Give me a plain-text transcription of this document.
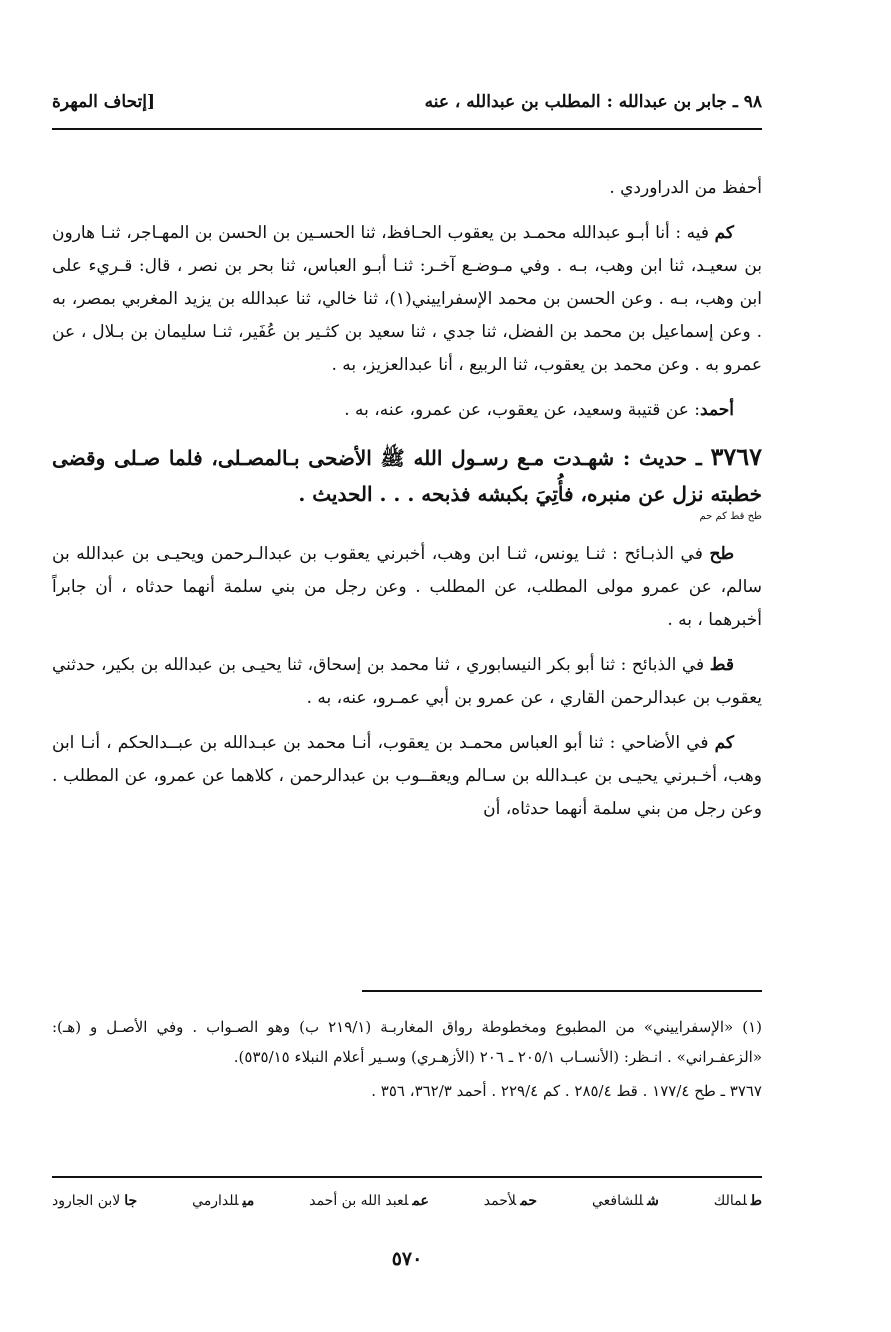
٩٨ ـ جابر بن عبدالله : المطلب بن عبدالله ، عنه
[إتحاف المهرة

أحفظ من الدراوردي .

كم فيه : أنا أبـو عبدالله محمـد بن يعقوب الحـافظ، ثنا الحسـين بن الحسن بن المهـاجر، ثنـا هارون بن سعيـد، ثنا ابن وهب، بـه . وفي مـوضـع آخـر: ثنـا أبـو العباس، ثنا بحر بن نصر ، قال: قـريء على ابن وهب، بـه . وعن الحسن بن محمد الإسفراييني(١)، ثنا خالي، ثنا عبدالله بن يزيد المغربي بمصر، به . وعن إسماعيل بن محمد بن الفضل، ثنا جدي ، ثنا سعيد بن كثـير بن عُفَير، ثنـا سليمان بن بـلال ، عن عمرو به . وعن محمد بن يعقوب، ثنا الربيع ، أنا عبدالعزيز، به .

أحمد: عن قتيبة وسعيد، عن يعقوب، عن عمرو، عنه، به .

٣٧٦٧ ـ حديث : شهـدت مـع رسـول الله ﷺ الأضحى بـالمصـلى، فلما صـلى وقضى خطبته نزل عن منبره، فأُتِيَ بكبشه فذبحه . . . الحديث .
طح قط كم حم

طح في الذبـائح : ثنـا يونس، ثنـا ابن وهب، أخبرني يعقوب بن عبدالـرحمن ويحيـى بن عبدالله بن سالم، عن عمرو مولى المطلب، عن المطلب . وعن رجل من بني سلمة أنهما حدثاه ، أن جابراً أخبرهما ، به .

قط في الذبائح : ثنا أبو بكر النيسابوري ، ثنا محمد بن إسحاق، ثنا يحيـى بن عبدالله بن بكير، حدثني يعقوب بن عبدالرحمن القاري ، عن عمرو بن أبي عمـرو، عنه، به .

كم في الأضاحي : ثنا أبو العباس محمـد بن يعقوب، أنـا محمد بن عبـدالله بن عبــدالحكم ، أنـا ابن وهب، أخـبرني يحيـى بن عبـدالله بن سـالم ويعقــوب بن عبدالرحمن ، كلاهما عن عمرو، عن المطلب . وعن رجل من بني سلمة أنهما حدثاه، أن

(١) «الإسفراييني» من المطبوع ومخطوطة رواق المغاربـة (٢١٩/١ ب) وهو الصـواب . وفي الأصـل و (هـ): «الزعفـراني» . انـظر: (الأنسـاب ٢٠٥/١ ـ ٢٠٦ (الأزهـري) وسـير أعلام النبلاء ٥٣٥/١٥).

٣٧٦٧ ـ طح ١٧٧/٤ . قط ٢٨٥/٤ . كم ٢٢٩/٤ . أحمد ٣٦٢/٣، ٣٥٦ .

طلمالك
شللشافعي
حملأحمد
عملعبد الله بن أحمد
ميللدارمي
جالابن الجارود
٥٧٠
